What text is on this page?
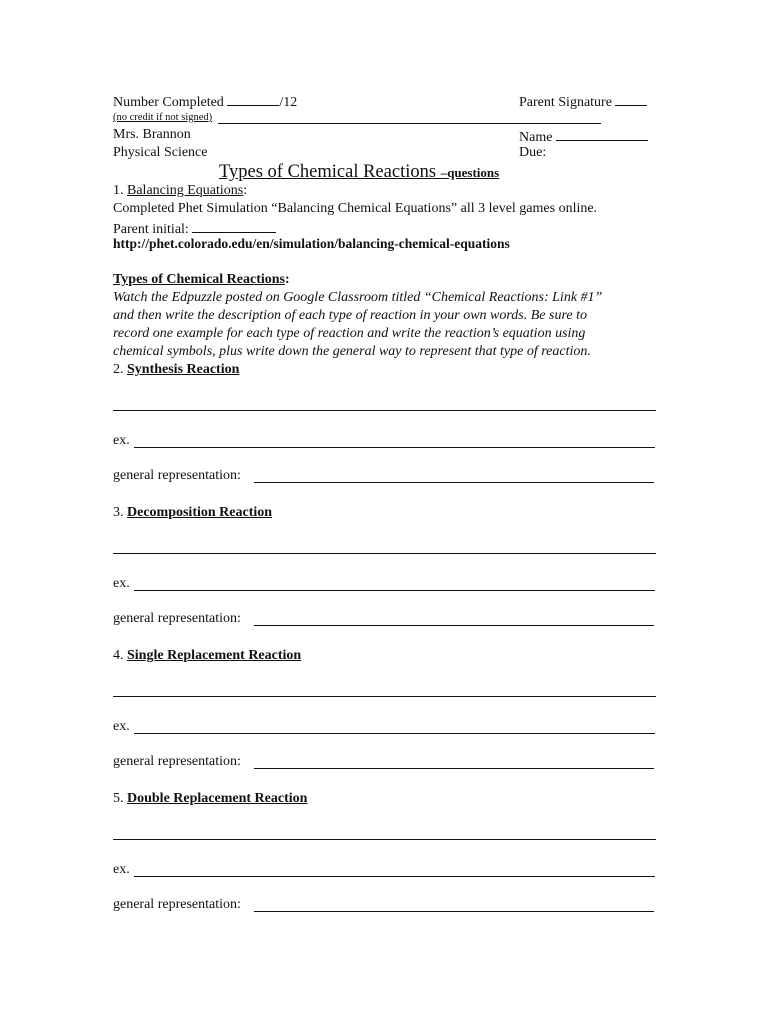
Number Completed	/12	Parent Signature
(no credit if not signed)
Mrs. Brannon	Name
Physical Science	Due:
Types of Chemical Reactions –questions
1. Balancing Equations:
Completed Phet Simulation “Balancing Chemical Equations” all 3 level games online.
Parent initial:
http://phet.colorado.edu/en/simulation/balancing-chemical-equations
Types of Chemical Reactions:
Watch the Edpuzzle posted on Google Classroom titled “Chemical Reactions: Link #1”
and then write the description of each type of reaction in your own words. Be sure to
record one example for each type of reaction and write the reaction’s equation using
chemical symbols, plus write down the general way to represent that type of reaction.
2. Synthesis Reaction
ex.
general representation:
3. Decomposition Reaction
ex.
general representation:
4. Single Replacement Reaction
ex.
general representation:
5. Double Replacement Reaction
ex.
general representation:
